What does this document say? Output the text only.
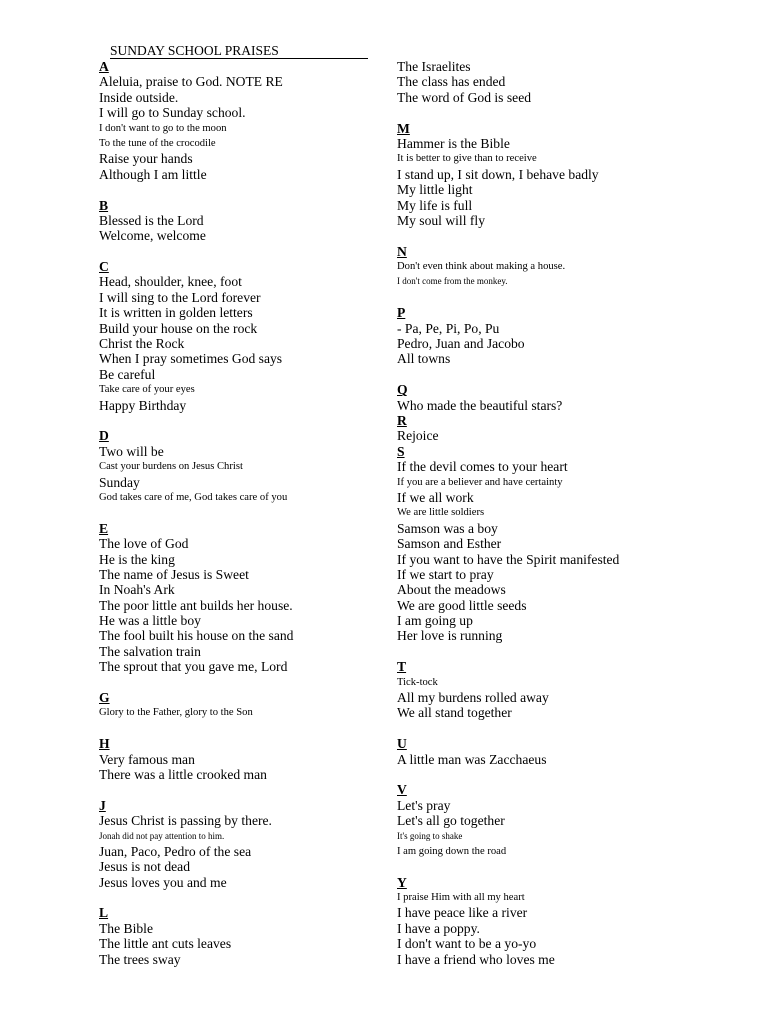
SUNDAY SCHOOL PRAISES
A
Aleluia, praise to God. NOTE RE
Inside outside.
I will go to Sunday school.
I don't want to go to the moon
To the tune of the crocodile
Raise your hands
Although I am little
B
Blessed is the Lord
Welcome, welcome
C
Head, shoulder, knee, foot
I will sing to the Lord forever
It is written in golden letters
Build your house on the rock
Christ the Rock
When I pray sometimes God says
Be careful
Take care of your eyes
Happy Birthday
D
Two will be
Cast your burdens on Jesus Christ
Sunday
God takes care of me, God takes care of you
E
The love of God
He is the king
The name of Jesus is Sweet
In Noah's Ark
The poor little ant builds her house.
He was a little boy
The fool built his house on the sand
The salvation train
The sprout that you gave me, Lord
G
Glory to the Father, glory to the Son
H
Very famous man
There was a little crooked man
J
Jesus Christ is passing by there.
Jonah did not pay attention to him.
Juan, Paco, Pedro of the sea
Jesus is not dead
Jesus loves you and me
L
The Bible
The little ant cuts leaves
The trees sway
The Israelites
The class has ended
The word of God is seed
M
Hammer is the Bible
It is better to give than to receive
I stand up, I sit down, I behave badly
My little light
My life is full
My soul will fly
N
Don't even think about making a house.
I don't come from the monkey.
P
- Pa, Pe, Pi, Po, Pu
Pedro, Juan and Jacobo
All towns
Q
Who made the beautiful stars?
R
Rejoice
S
If the devil comes to your heart
If you are a believer and have certainty
If we all work
We are little soldiers
Samson was a boy
Samson and Esther
If you want to have the Spirit manifested
If we start to pray
About the meadows
We are good little seeds
I am going up
Her love is running
T
Tick-tock
All my burdens rolled away
We all stand together
U
A little man was Zacchaeus
V
Let's pray
Let's all go together
It's going to shake
I am going down the road
Y
I praise Him with all my heart
I have peace like a river
I have a poppy.
I don't want to be a yo-yo
I have a friend who loves me
